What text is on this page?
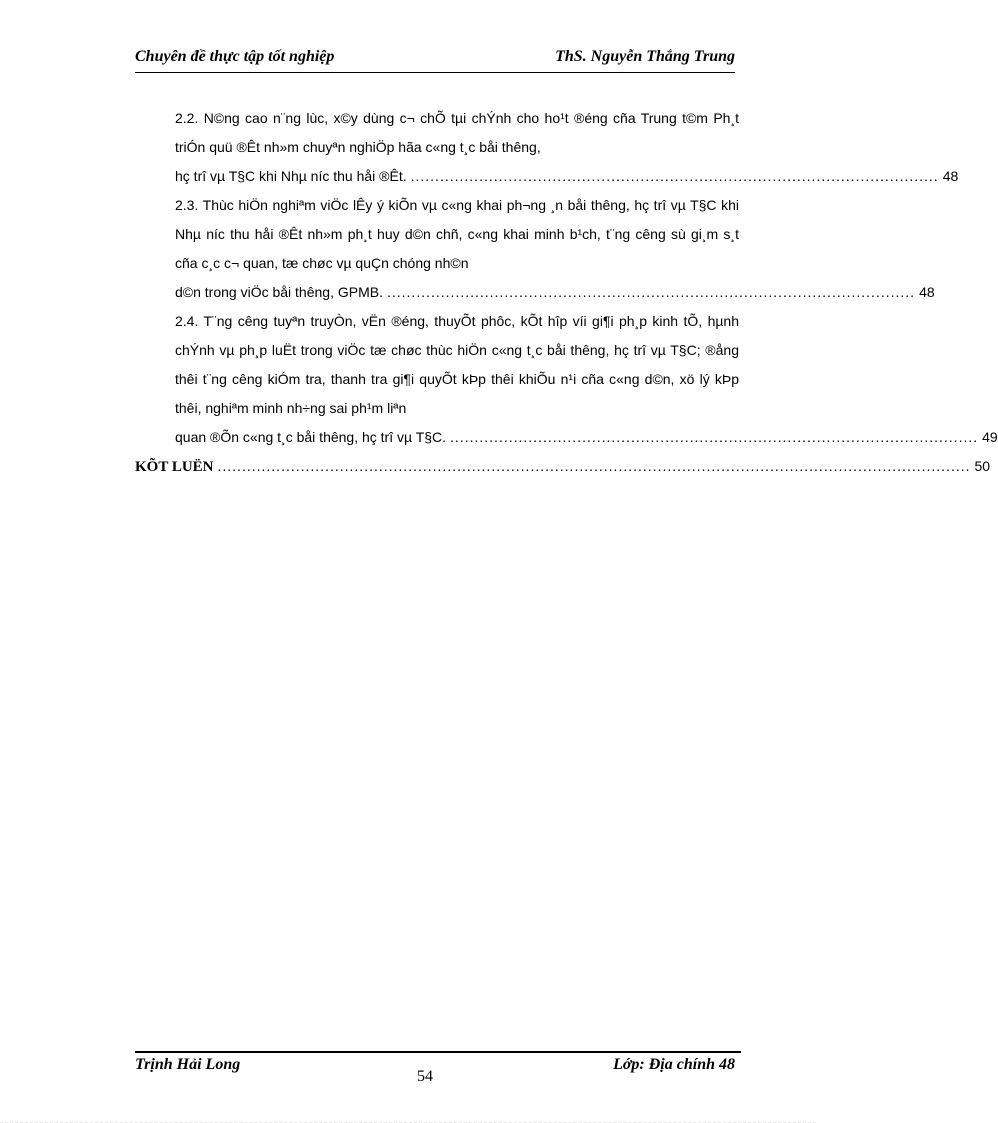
Chuyên đề thực tập tốt nghiệp	ThS. Nguyễn Thắng Trung
2.2. N©ng cao n¨ng lùc, x©y dùng c¬ chÕ tµi chÝnh cho ho¹t ®éng cña Trung t©m Ph¸t triÓn quü ®Êt nh»m chuyªn nghiÖp hãa c«ng t¸c båi thêng,
hç trî vµ T§C khi Nhµ níc thu håi ®Êt. ............................................................................................................ 48
2.3. Thùc hiÖn nghiªm viÖc lÊy ý kiÕn vµ c«ng khai ph¬ng ¸n båi thêng, hç trî vµ T§C khi Nhµ níc thu håi ®Êt nh»m ph¸t huy d©n chñ, c«ng khai minh b¹ch, t¨ng cêng sù gi¸m s¸t cña c¸c c¬ quan, tæ chøc vµ quÇn chóng nh©n
d©n trong viÖc båi thêng, GPMB. ............................................................................................................ 48
2.4. T¨ng cêng tuyªn truyÒn, vËn ®éng, thuyÕt phôc, kÕt hîp víi gi¶i ph¸p kinh tÕ, hµnh chÝnh vµ ph¸p luËt trong viÖc tæ chøc thùc hiÖn c«ng t¸c båi thêng, hç trî vµ T§C; ®ång thêi t¨ng cêng kiÓm tra, thanh tra gi¶i quyÕt kÞp thêi khiÕu n¹i cña c«ng d©n, xö lý kÞp thêi, nghiªm minh nh÷ng sai ph¹m liªn
quan ®Õn c«ng t¸c båi thêng, hç trî vµ T§C. ............................................................................................................ 49
KÕT LUËN .......................................................................................................................................................... 50
Trịnh Hải Long
54
Lớp: Địa chính 48
